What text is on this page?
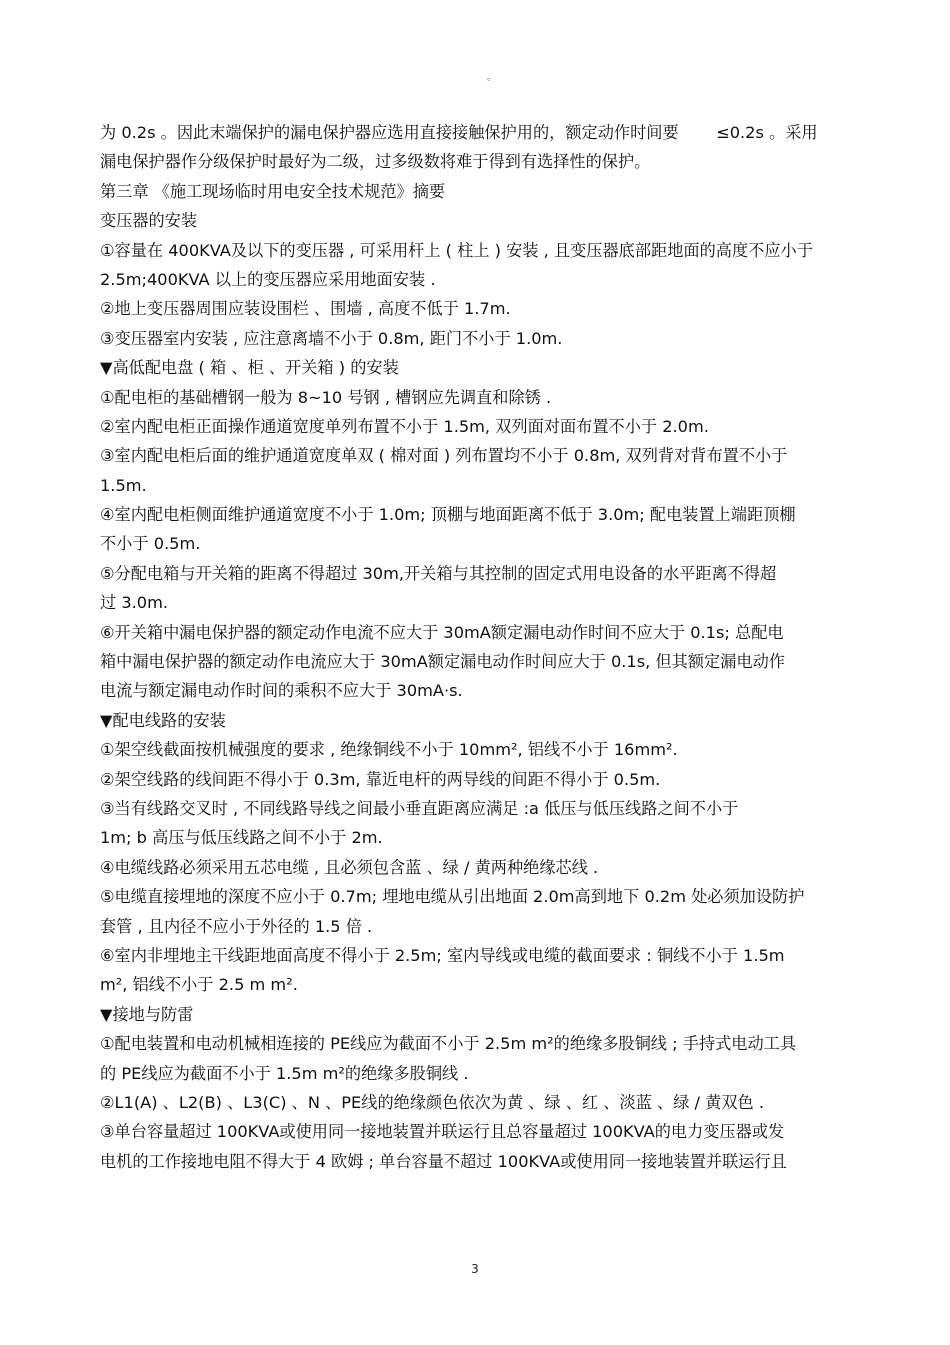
。
为 0.2s 。因此末端保护的漏电保护器应选用直接接触保护用的，额定动作时间要　　 ≤0.2s 。采用
漏电保护器作分级保护时最好为二级，过多级数将难于得到有选择性的保护。
第三章 《施工现场临时用电安全技术规范》摘要
变压器的安装
①容量在 400KVA及以下的变压器 , 可采用杆上 ( 柱上 ) 安装 , 且变压器底部距地面的高度不应小于
2.5m;400KVA 以上的变压器应采用地面安装 .
②地上变压器周围应装设围栏 、围墙 , 高度不低于 1.7m.
③变压器室内安装 , 应注意离墙不小于 0.8m, 距门不小于 1.0m.
▼高低配电盘 ( 箱 、柜 、开关箱 ) 的安装
①配电柜的基础槽钢一般为 8~10 号钢 , 槽钢应先调直和除锈 .
②室内配电柜正面操作通道宽度单列布置不小于 1.5m, 双列面对面布置不小于 2.0m.
③室内配电柜后面的维护通道宽度单双 ( 棉对面 ) 列布置均不小于 0.8m, 双列背对背布置不小于
1.5m.
④室内配电柜侧面维护通道宽度不小于 1.0m; 顶棚与地面距离不低于 3.0m; 配电装置上端距顶棚
不小于 0.5m.
⑤分配电箱与开关箱的距离不得超过 30m,开关箱与其控制的固定式用电设备的水平距离不得超
过 3.0m.
⑥开关箱中漏电保护器的额定动作电流不应大于 30mA额定漏电动作时间不应大于 0.1s; 总配电
箱中漏电保护器的额定动作电流应大于 30mA额定漏电动作时间应大于 0.1s, 但其额定漏电动作
电流与额定漏电动作时间的乘积不应大于 30mA·s.
▼配电线路的安装
①架空线截面按机械强度的要求 , 绝缘铜线不小于 10mm², 铝线不小于 16mm².
②架空线路的线间距不得小于 0.3m, 靠近电杆的两导线的间距不得小于 0.5m.
③当有线路交叉时 , 不同线路导线之间最小垂直距离应满足 :a 低压与低压线路之间不小于
1m; b 高压与低压线路之间不小于 2m.
④电缆线路必须采用五芯电缆 , 且必须包含蓝 、绿 / 黄两种绝缘芯线 .
⑤电缆直接埋地的深度不应小于 0.7m; 埋地电缆从引出地面 2.0m高到地下 0.2m 处必须加设防护
套管 , 且内径不应小于外径的 1.5 倍 .
⑥室内非埋地主干线距地面高度不得小于 2.5m; 室内导线或电缆的截面要求 : 铜线不小于 1.5m
m², 铝线不小于 2.5 m m².
▼接地与防雷
①配电装置和电动机械相连接的 PE线应为截面不小于 2.5m m²的绝缘多股铜线 ; 手持式电动工具
的 PE线应为截面不小于 1.5m m²的绝缘多股铜线 .
②L1(A) 、L2(B) 、L3(C) 、N 、PE线的绝缘颜色依次为黄 、绿 、红 、淡蓝 、绿 / 黄双色 .
③单台容量超过 100KVA或使用同一接地装置并联运行且总容量超过 100KVA的电力变压器或发
电机的工作接地电阻不得大于 4 欧姆 ; 单台容量不超过 100KVA或使用同一接地装置并联运行且
3
